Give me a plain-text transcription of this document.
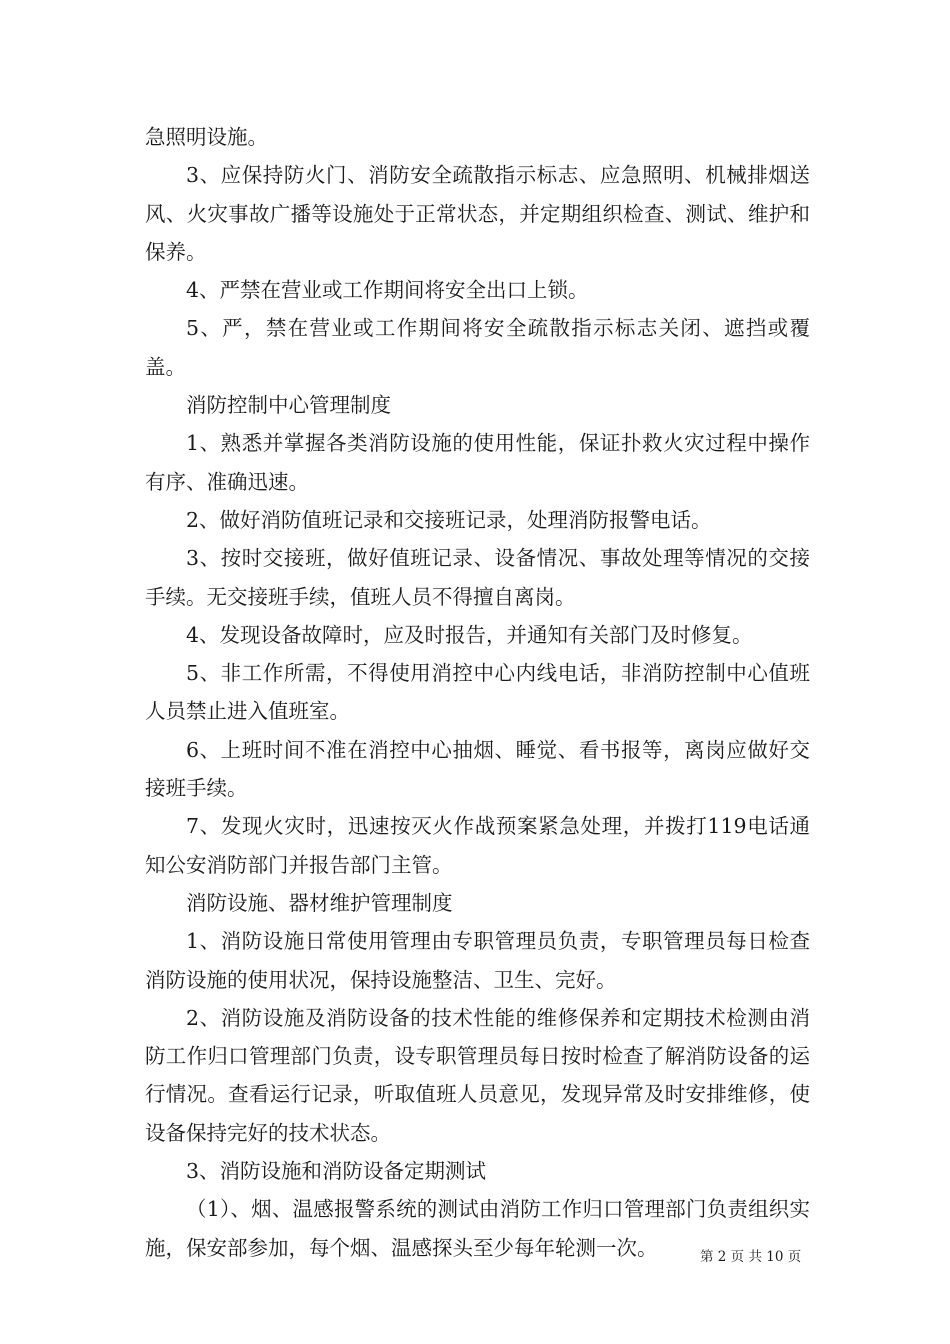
急照明设施。

3、应保持防火门、消防安全疏散指示标志、应急照明、机械排烟送风、火灾事故广播等设施处于正常状态，并定期组织检查、测试、维护和保养。

4、严禁在营业或工作期间将安全出口上锁。

5、严，禁在营业或工作期间将安全疏散指示标志关闭、遮挡或覆盖。

消防控制中心管理制度

1、熟悉并掌握各类消防设施的使用性能，保证扑救火灾过程中操作有序、准确迅速。

2、做好消防值班记录和交接班记录，处理消防报警电话。

3、按时交接班，做好值班记录、设备情况、事故处理等情况的交接手续。无交接班手续，值班人员不得擅自离岗。

4、发现设备故障时，应及时报告，并通知有关部门及时修复。

5、非工作所需，不得使用消控中心内线电话，非消防控制中心值班人员禁止进入值班室。

6、上班时间不准在消控中心抽烟、睡觉、看书报等，离岗应做好交接班手续。

7、发现火灾时，迅速按灭火作战预案紧急处理，并拨打119电话通知公安消防部门并报告部门主管。

消防设施、器材维护管理制度

1、消防设施日常使用管理由专职管理员负责，专职管理员每日检查消防设施的使用状况，保持设施整洁、卫生、完好。

2、消防设施及消防设备的技术性能的维修保养和定期技术检测由消防工作归口管理部门负责，设专职管理员每日按时检查了解消防设备的运行情况。查看运行记录，听取值班人员意见，发现异常及时安排维修，使设备保持完好的技术状态。

3、消防设施和消防设备定期测试

（1）、烟、温感报警系统的测试由消防工作归口管理部门负责组织实施，保安部参加，每个烟、温感探头至少每年轮测一次。	第 2 页 共 10 页
